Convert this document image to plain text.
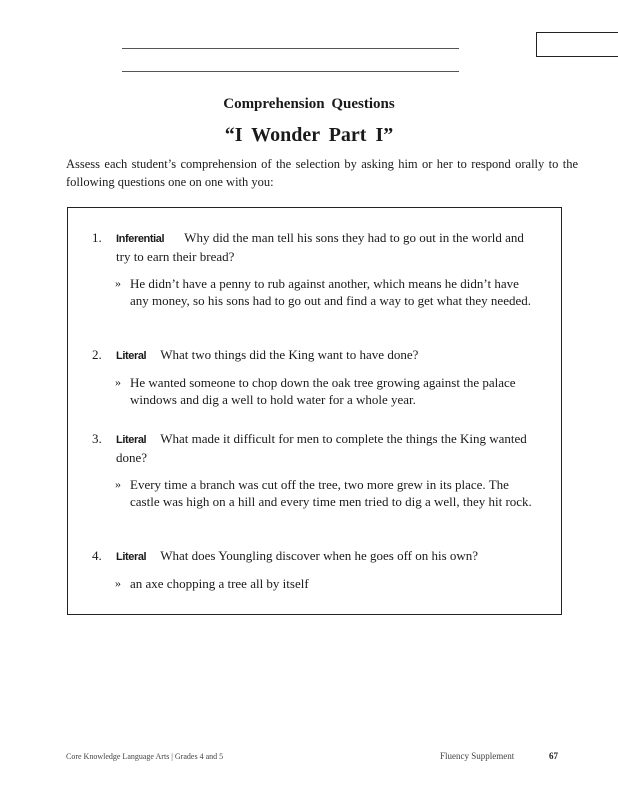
Comprehension Questions
“I Wonder Part I”

Assess each student’s comprehension of the selection by asking him or her to respond orally to the following questions one on one with you:

1. Inferential Why did the man tell his sons they had to go out in the world and try to earn their bread?
» He didn’t have a penny to rub against another, which means he didn’t have any money, so his sons had to go out and find a way to get what they needed.
2. Literal What two things did the King want to have done?
» He wanted someone to chop down the oak tree growing against the palace windows and dig a well to hold water for a whole year.
3. Literal What made it difficult for men to complete the things the King wanted done?
» Every time a branch was cut off the tree, two more grew in its place. The castle was high on a hill and every time men tried to dig a well, they hit rock.
4. Literal What does Youngling discover when he goes off on his own?
» an axe chopping a tree all by itself
Core Knowledge Language Arts | Grades 4 and 5	Fluency Supplement	67
